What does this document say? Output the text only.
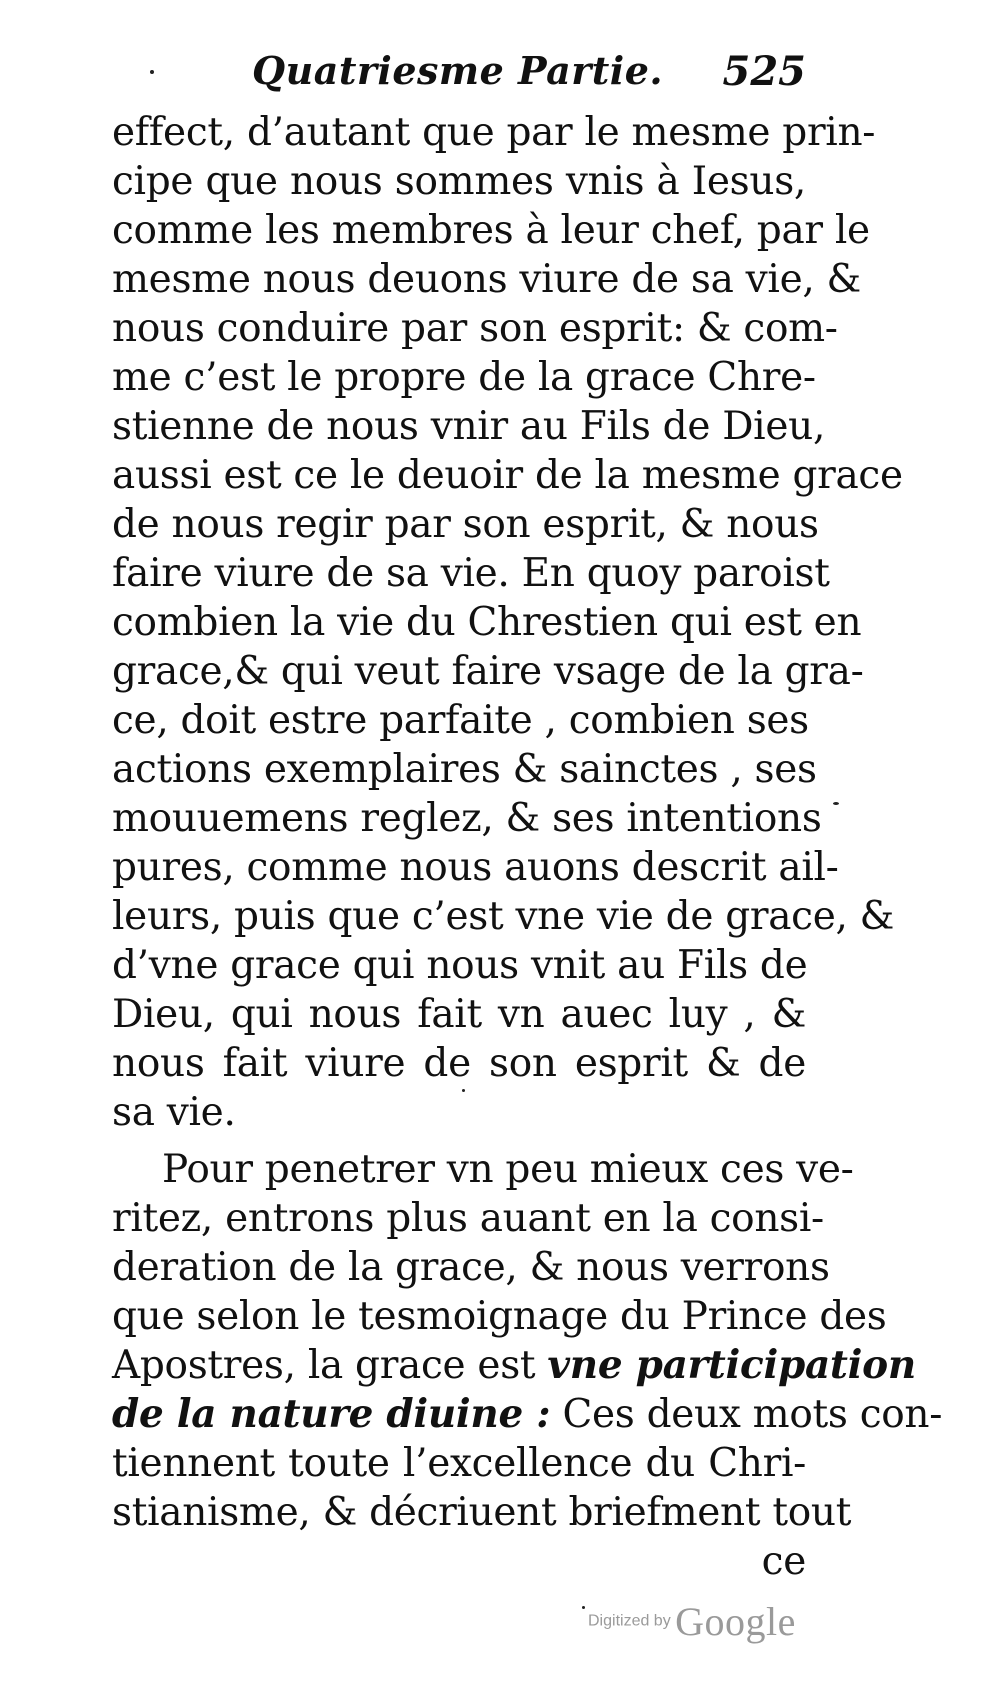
Quatriesme Partie. 525
effect, d’autant que par le mesme prin-
cipe que nous sommes vnis à Iesus,
comme les membres à leur chef, par le
mesme nous deuons viure de sa vie, &
nous conduire par son esprit: & com-
me c’est le propre de la grace Chre-
stienne de nous vnir au Fils de Dieu,
aussi est ce le deuoir de la mesme grace
de nous regir par son esprit, & nous
faire viure de sa vie. En quoy paroist
combien la vie du Chrestien qui est en
grace,& qui veut faire vsage de la gra-
ce, doit estre parfaite , combien ses
actions exemplaires & sainctes , ses
mouuemens reglez, & ses intentions
pures, comme nous auons descrit ail-
leurs, puis que c’est vne vie de grace, &
d’vne grace qui nous vnit au Fils de
Dieu, qui nous fait vn auec luy , &
nous fait viure de son esprit & de
sa vie.
Pour penetrer vn peu mieux ces ve-
ritez, entrons plus auant en la consi-
deration de la grace, & nous verrons
que selon le tesmoignage du Prince des
Apostres, la grace est vne participation
de la nature diuine : Ces deux mots con-
tiennent toute l’excellence du Chri-
stianisme, & décriuent briefment tout
ce
Digitized by Google
